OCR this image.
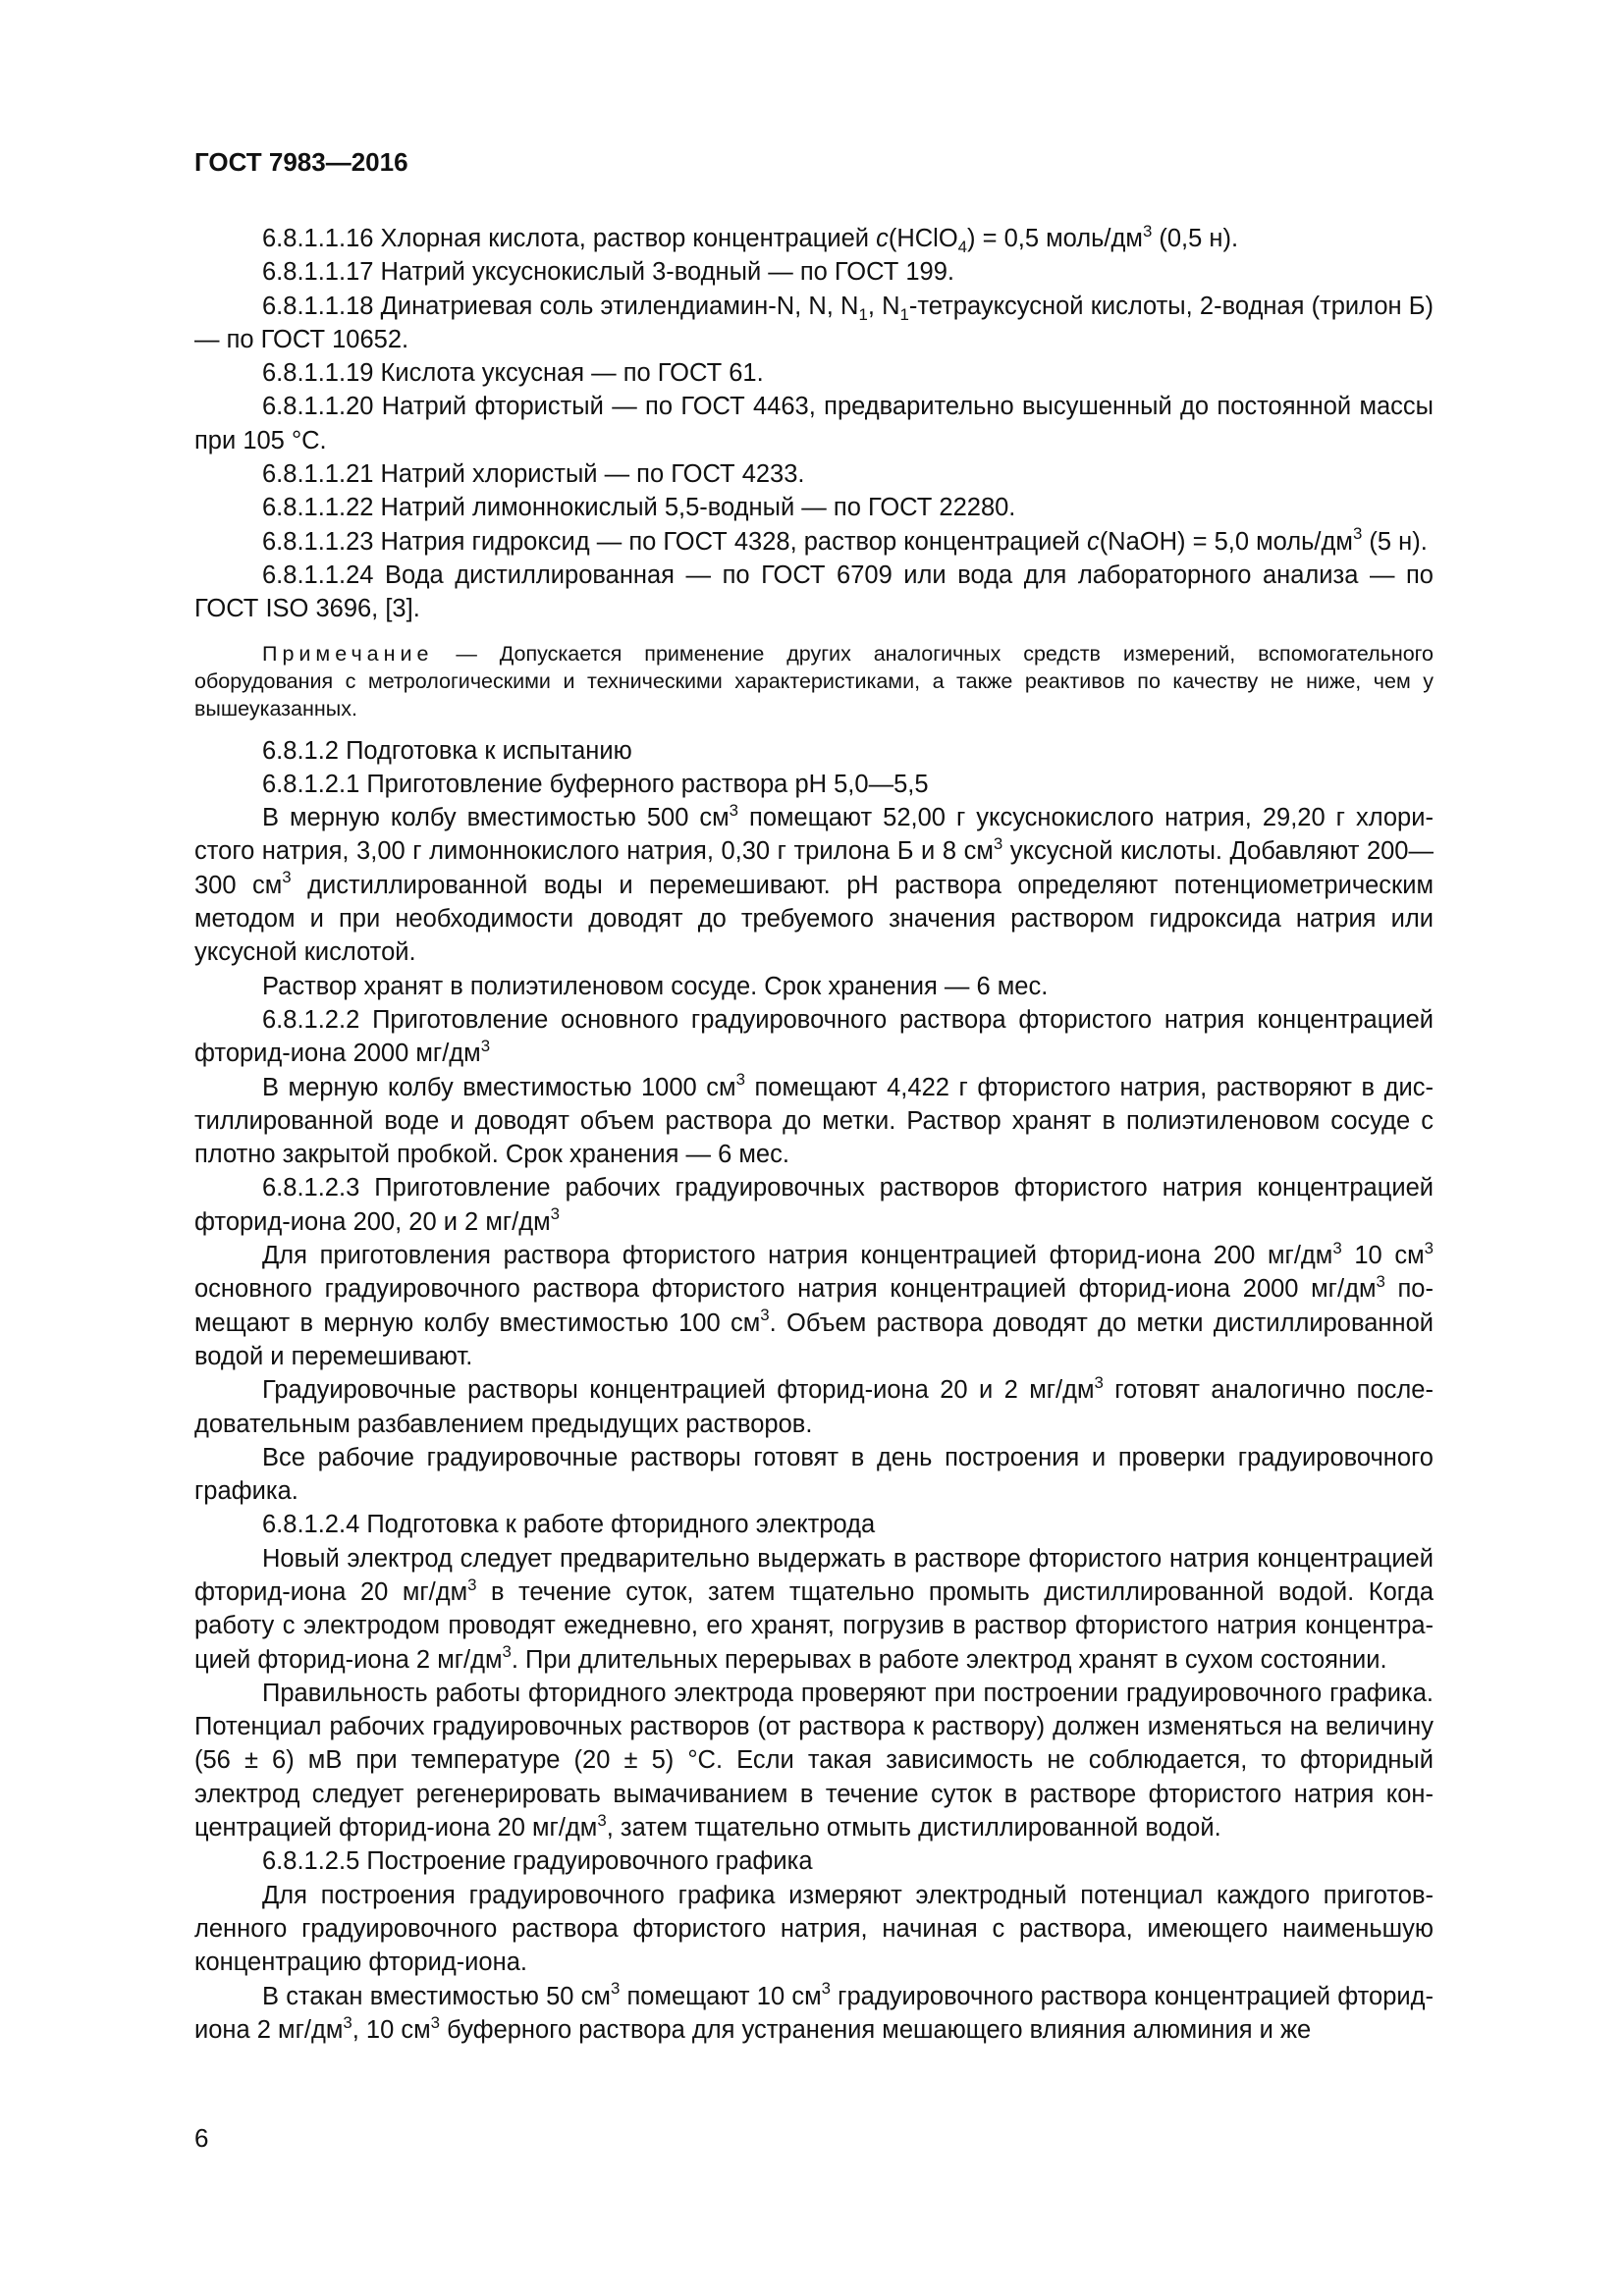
ГОСТ 7983—2016

6.8.1.1.16 Хлорная кислота, раствор концентрацией c(HClO$_4$) = 0,5 моль/$дм^3$ (0,5 н).

6.8.1.1.17 Натрий уксуснокислый 3-водный — по ГОСТ 199.

6.8.1.1.18 Динатриевая соль этилендиамин-N, N, $N_1$, $N_1$-тетрауксусной кислоты, 2-водная (трилон Б) — по ГОСТ 10652.

6.8.1.1.19 Кислота уксусная — по ГОСТ 61.

6.8.1.1.20 Натрий фтористый — по ГОСТ 4463, предварительно высушенный до постоянной массы при 105 °С.

6.8.1.1.21 Натрий хлористый — по ГОСТ 4233.

6.8.1.1.22 Натрий лимоннокислый 5,5-водный — по ГОСТ 22280.

6.8.1.1.23 Натрия гидроксид — по ГОСТ 4328, раствор концентрацией c(NaOH) = 5,0 моль/$дм^3$ (5 н).

6.8.1.1.24 Вода дистиллированная — по ГОСТ 6709 или вода для лабораторного анализа — по ГОСТ ISO 3696, [3].

Примечание — Допускается применение других аналогичных средств измерений, вспомогательного оборудования с метрологическими и техническими характеристиками, а также реактивов по качеству не ниже, чем у вышеуказанных.

6.8.1.2 Подготовка к испытанию

6.8.1.2.1 Приготовление буферного раствора рН 5,0—5,5

В мерную колбу вместимостью 500 $см^3$ помещают 52,00 г уксуснокислого натрия, 29,20 г хлористого натрия, 3,00 г лимоннокислого натрия, 0,30 г трилона Б и 8 $см^3$ уксусной кислоты. Добавляют 200—300 $см^3$ дистиллированной воды и перемешивают. рН раствора определяют потенциометрическим методом и при необходимости доводят до требуемого значения раствором гидроксида натрия или уксусной кислотой.

Раствор хранят в полиэтиленовом сосуде. Срок хранения — 6 мес.

6.8.1.2.2 Приготовление основного градуировочного раствора фтористого натрия концентрацией фторид-иона 2000 $мг/дм^3$

В мерную колбу вместимостью 1000 $см^3$ помещают 4,422 г фтористого натрия, растворяют в дистиллированной воде и доводят объем раствора до метки. Раствор хранят в полиэтиленовом сосуде с плотно закрытой пробкой. Срок хранения — 6 мес.

6.8.1.2.3 Приготовление рабочих градуировочных растворов фтористого натрия концентрацией фторид-иона 200, 20 и 2 $мг/дм^3$

Для приготовления раствора фтористого натрия концентрацией фторид-иона 200 $мг/дм^3$ 10 $см^3$ основного градуировочного раствора фтористого натрия концентрацией фторид-иона 2000 $мг/дм^3$ помещают в мерную колбу вместимостью 100 $см^3$. Объем раствора доводят до метки дистиллированной водой и перемешивают.

Градуировочные растворы концентрацией фторид-иона 20 и 2 $мг/дм^3$ готовят аналогично последовательным разбавлением предыдущих растворов.

Все рабочие градуировочные растворы готовят в день построения и проверки градуировочного графика.

6.8.1.2.4 Подготовка к работе фторидного электрода

Новый электрод следует предварительно выдержать в растворе фтористого натрия концентрацией фторид-иона 20 $мг/дм^3$ в течение суток, затем тщательно промыть дистиллированной водой. Когда работу с электродом проводят ежедневно, его хранят, погрузив в раствор фтористого натрия концентрацией фторид-иона 2 $мг/дм^3$. При длительных перерывах в работе электрод хранят в сухом состоянии.

Правильность работы фторидного электрода проверяют при построении градуировочного графика. Потенциал рабочих градуировочных растворов (от раствора к раствору) должен изменяться на величину (56 ± 6) мВ при температуре (20 ± 5) °С. Если такая зависимость не соблюдается, то фторидный электрод следует регенерировать вымачиванием в течение суток в растворе фтористого натрия концентрацией фторид-иона 20 $мг/дм^3$, затем тщательно отмыть дистиллированной водой.

6.8.1.2.5 Построение градуировочного графика

Для построения градуировочного графика измеряют электродный потенциал каждого приготовленного градуировочного раствора фтористого натрия, начиная с раствора, имеющего наименьшую концентрацию фторид-иона.

В стакан вместимостью 50 $см^3$ помещают 10 $см^3$ градуировочного раствора концентрацией фторид-иона 2 $мг/дм^3$, 10 $см^3$ буферного раствора для устранения мешающего влияния алюминия и же

6
